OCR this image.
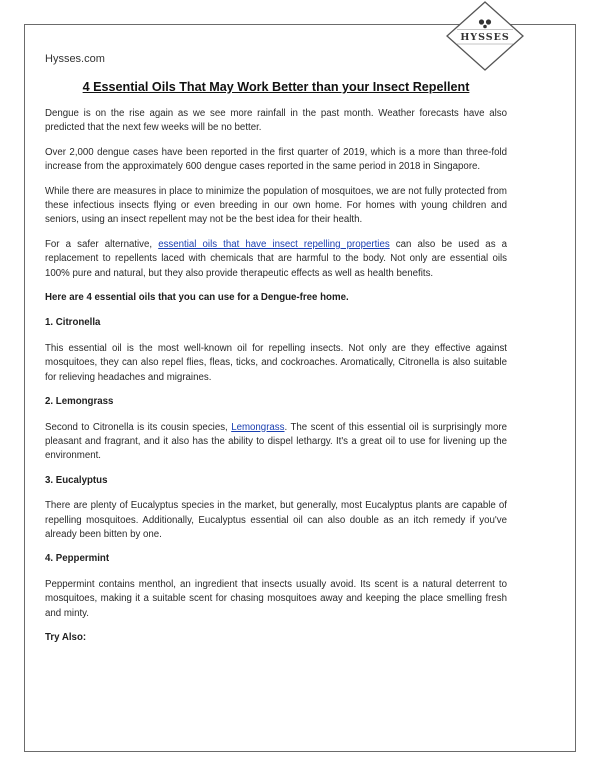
HYSSES
Hysses.com
4 Essential Oils That May Work Better than your Insect Repellent

Dengue is on the rise again as we see more rainfall in the past month. Weather forecasts have also predicted that the next few weeks will be no better.

Over 2,000 dengue cases have been reported in the first quarter of 2019, which is a more than three-fold increase from the approximately 600 dengue cases reported in the same period in 2018 in Singapore.

While there are measures in place to minimize the population of mosquitoes, we are not fully protected from these infectious insects flying or even breeding in our own home. For homes with young children and seniors, using an insect repellent may not be the best idea for their health.

For a safer alternative, essential oils that have insect repelling properties can also be used as a replacement to repellents laced with chemicals that are harmful to the body. Not only are essential oils 100% pure and natural, but they also provide therapeutic effects as well as health benefits.

Here are 4 essential oils that you can use for a Dengue-free home.

1. Citronella

This essential oil is the most well-known oil for repelling insects. Not only are they effective against mosquitoes, they can also repel flies, fleas, ticks, and cockroaches. Aromatically, Citronella is also suitable for relieving headaches and migraines.

2. Lemongrass

Second to Citronella is its cousin species, Lemongrass. The scent of this essential oil is surprisingly more pleasant and fragrant, and it also has the ability to dispel lethargy. It's a great oil to use for livening up the environment.

3. Eucalyptus

There are plenty of Eucalyptus species in the market, but generally, most Eucalyptus plants are capable of repelling mosquitoes. Additionally, Eucalyptus essential oil can also double as an itch remedy if you've already been bitten by one.

4. Peppermint

Peppermint contains menthol, an ingredient that insects usually avoid. Its scent is a natural deterrent to mosquitoes, making it a suitable scent for chasing mosquitoes away and keeping the place smelling fresh and minty.

Try Also:
